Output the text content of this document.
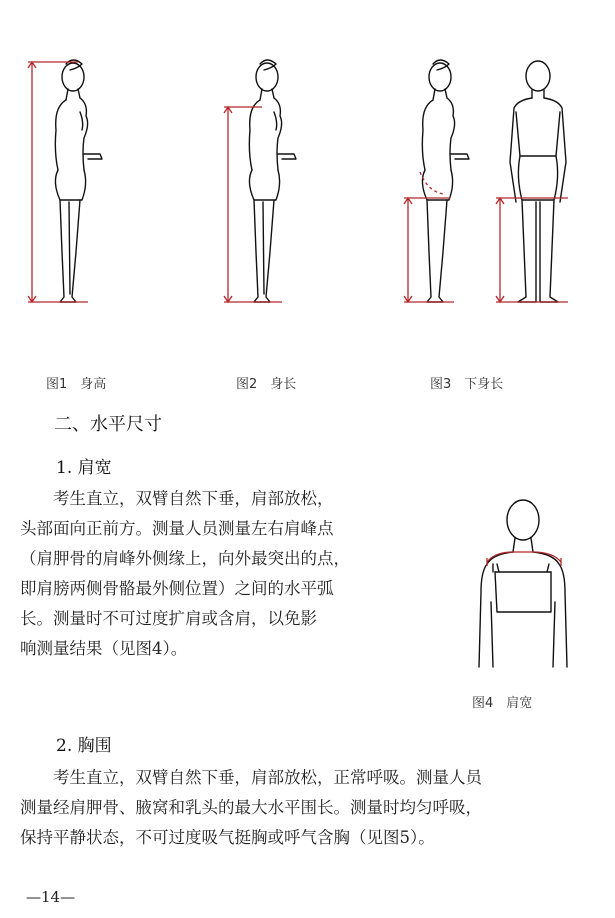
图1　身高	图2　身长	图3　下身长
二、水平尺寸
1. 肩宽
　　考生直立，双臂自然下垂，肩部放松，
头部面向正前方。测量人员测量左右肩峰点
（肩胛骨的肩峰外侧缘上，向外最突出的点，
即肩膀两侧骨骼最外侧位置）之间的水平弧
长。测量时不可过度扩肩或含肩，以免影
响测量结果（见图4）。
图4　肩宽
2. 胸围
　　考生直立，双臂自然下垂，肩部放松，正常呼吸。测量人员
测量经肩胛骨、腋窝和乳头的最大水平围长。测量时均匀呼吸，
保持平静状态，不可过度吸气挺胸或呼气含胸（见图5）。
—14—
